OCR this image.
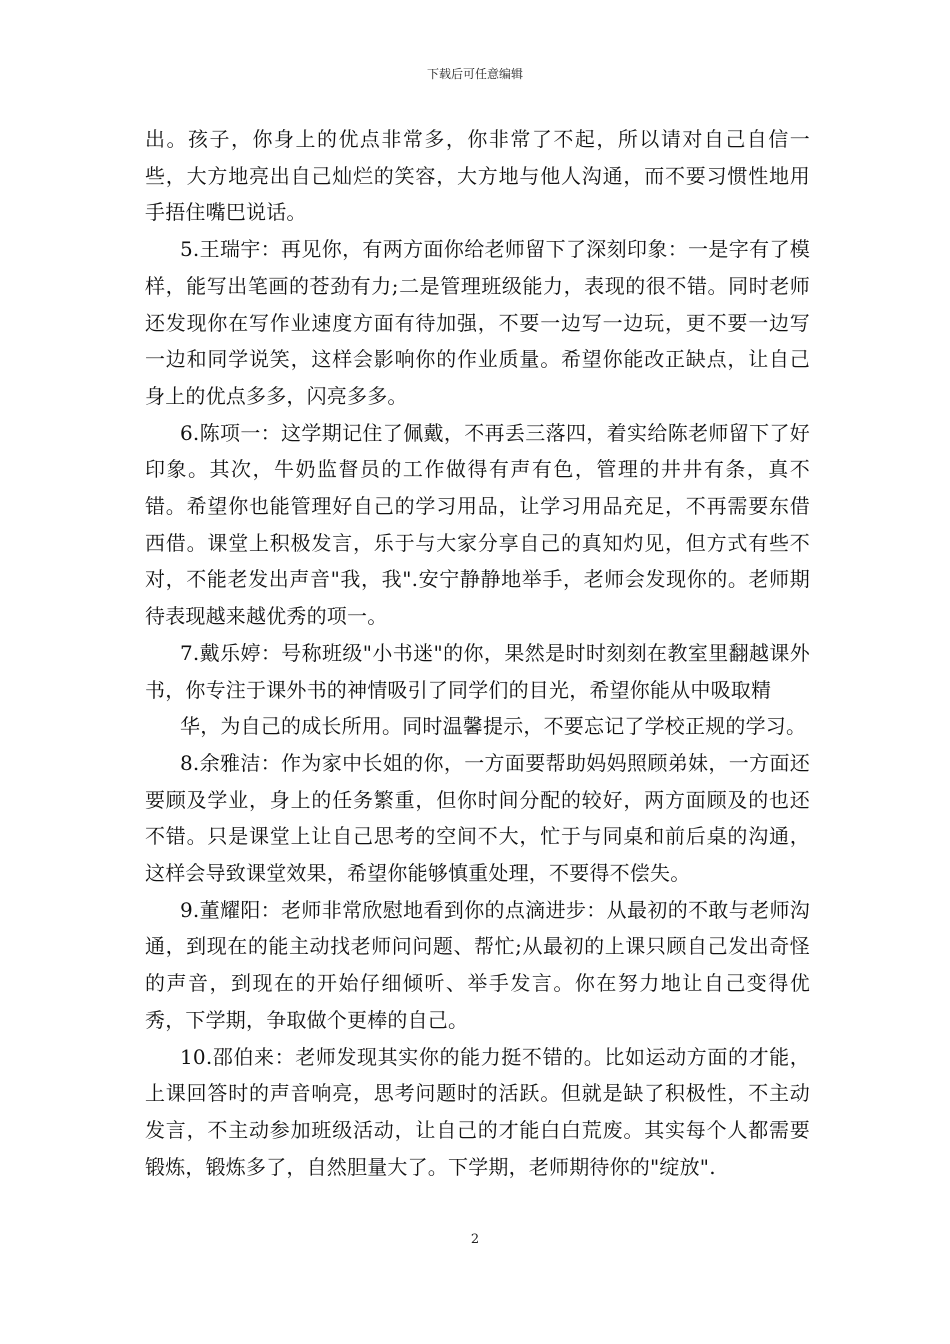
下载后可任意编辑

出。孩子，你身上的优点非常多，你非常了不起，所以请对自己自信一些，大方地亮出自己灿烂的笑容，大方地与他人沟通，而不要习惯性地用手捂住嘴巴说话。

5.王瑞宇：再见你，有两方面你给老师留下了深刻印象：一是字有了模样，能写出笔画的苍劲有力;二是管理班级能力，表现的很不错。同时老师还发现你在写作业速度方面有待加强，不要一边写一边玩，更不要一边写一边和同学说笑，这样会影响你的作业质量。希望你能改正缺点，让自己身上的优点多多，闪亮多多。

6.陈项一：这学期记住了佩戴，不再丢三落四，着实给陈老师留下了好印象。其次，牛奶监督员的工作做得有声有色，管理的井井有条，真不错。希望你也能管理好自己的学习用品，让学习用品充足，不再需要东借西借。课堂上积极发言，乐于与大家分享自己的真知灼见，但方式有些不对，不能老发出声音"我，我".安宁静静地举手，老师会发现你的。老师期待表现越来越优秀的项一。

7.戴乐婷：号称班级"小书迷"的你，果然是时时刻刻在教室里翻越课外书，你专注于课外书的神情吸引了同学们的目光，希望你能从中吸取精

华，为自己的成长所用。同时温馨提示，不要忘记了学校正规的学习。

8.余雅洁：作为家中长姐的你，一方面要帮助妈妈照顾弟妹，一方面还要顾及学业，身上的任务繁重，但你时间分配的较好，两方面顾及的也还不错。只是课堂上让自己思考的空间不大，忙于与同桌和前后桌的沟通，这样会导致课堂效果，希望你能够慎重处理，不要得不偿失。

9.董耀阳：老师非常欣慰地看到你的点滴进步：从最初的不敢与老师沟通，到现在的能主动找老师问问题、帮忙;从最初的上课只顾自己发出奇怪的声音，到现在的开始仔细倾听、举手发言。你在努力地让自己变得优秀，下学期，争取做个更棒的自己。

10.邵伯来：老师发现其实你的能力挺不错的。比如运动方面的才能，上课回答时的声音响亮，思考问题时的活跃。但就是缺了积极性，不主动发言，不主动参加班级活动，让自己的才能白白荒废。其实每个人都需要锻炼，锻炼多了，自然胆量大了。下学期，老师期待你的"绽放".

2
